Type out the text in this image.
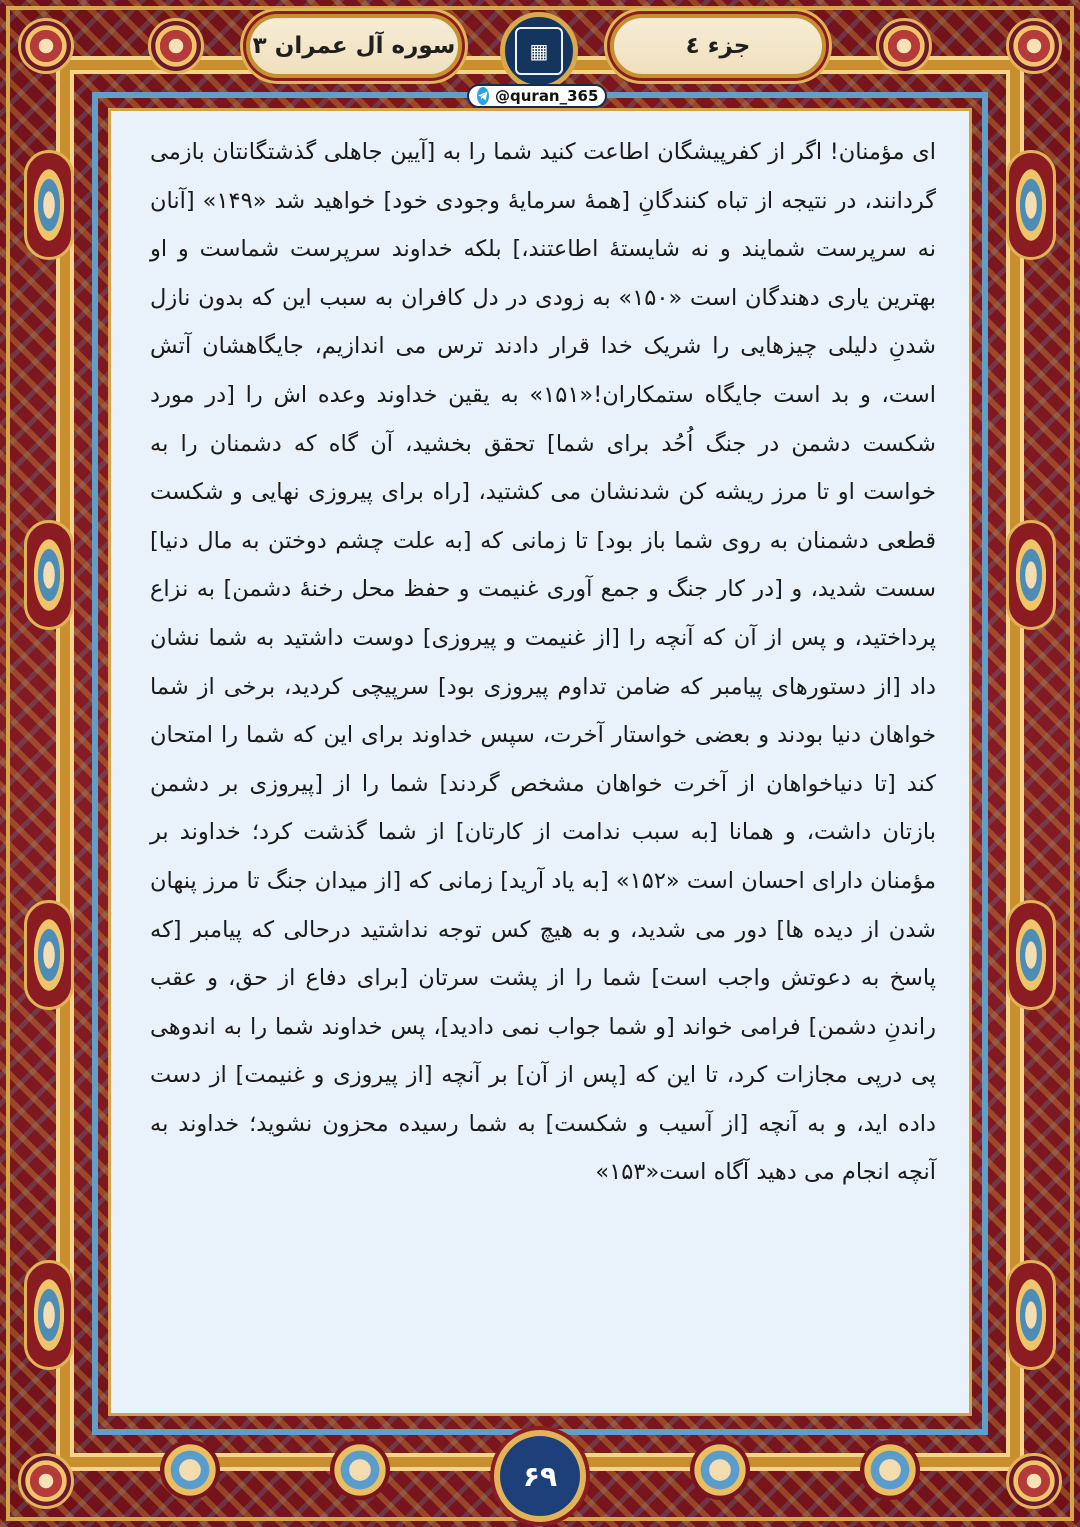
جزء ٤
سوره آل عمران ٣	▦
@quran_365

ای مؤمنان! اگر از کفرپیشگان اطاعت کنید شما را به [آیین جاهلی گذشتگانتان بازمی گردانند، در نتیجه از تباه کنندگانِ [همهٔ سرمایهٔ وجودی خود] خواهید شد «۱۴۹» [آنان نه سرپرست شمایند و نه شایستهٔ اطاعتند،] بلکه خداوند سرپرست شماست و او بهترین یاری دهندگان است «۱۵۰» به زودی در دل کافران به سبب این که بدون نازل شدنِ دلیلی چیزهایی را شریک خدا قرار دادند ترس می اندازیم، جایگاهشان آتش است، و بد است جایگاه ستمکاران!«۱۵۱» به یقین خداوند وعده اش را [در مورد شکست دشمن در جنگ اُحُد برای شما] تحقق بخشید، آن گاه که دشمنان را به خواست او تا مرز ریشه کن شدنشان می کشتید، [راه برای پیروزی نهایی و شکست قطعی دشمنان به روی شما باز بود] تا زمانی که [به علت چشم دوختن به مال دنیا] سست شدید، و [در کار جنگ و جمع آوری غنیمت و حفظ محل رخنهٔ دشمن] به نزاع پرداختید، و پس از آن که آنچه را [از غنیمت و پیروزی] دوست داشتید به شما نشان داد [از دستورهای پیامبر که ضامن تداوم پیروزی بود] سرپیچی کردید، برخی از شما خواهان دنیا بودند و بعضی خواستار آخرت، سپس خداوند برای این که شما را امتحان کند [تا دنیاخواهان از آخرت خواهان مشخص گردند] شما را از [پیروزی بر دشمن بازتان داشت، و همانا [به سبب ندامت از کارتان] از شما گذشت کرد؛ خداوند بر مؤمنان دارای احسان است «۱۵۲» [به یاد آرید] زمانی که [از میدان جنگ تا مرز پنهان شدن از دیده ها] دور می شدید، و به هیچ کس توجه نداشتید درحالی که پیامبر [که پاسخ به دعوتش واجب است] شما را از پشت سرتان [برای دفاع از حق، و عقب راندنِ دشمن] فرامی خواند [و شما جواب نمی دادید]، پس خداوند شما را به اندوهی پی درپی مجازات کرد، تا این که [پس از آن] بر آنچه [از پیروزی و غنیمت] از دست داده اید، و به آنچه [از آسیب و شکست] به شما رسیده محزون نشوید؛ خداوند به آنچه انجام می دهید آگاه است«۱۵۳»

۶۹
